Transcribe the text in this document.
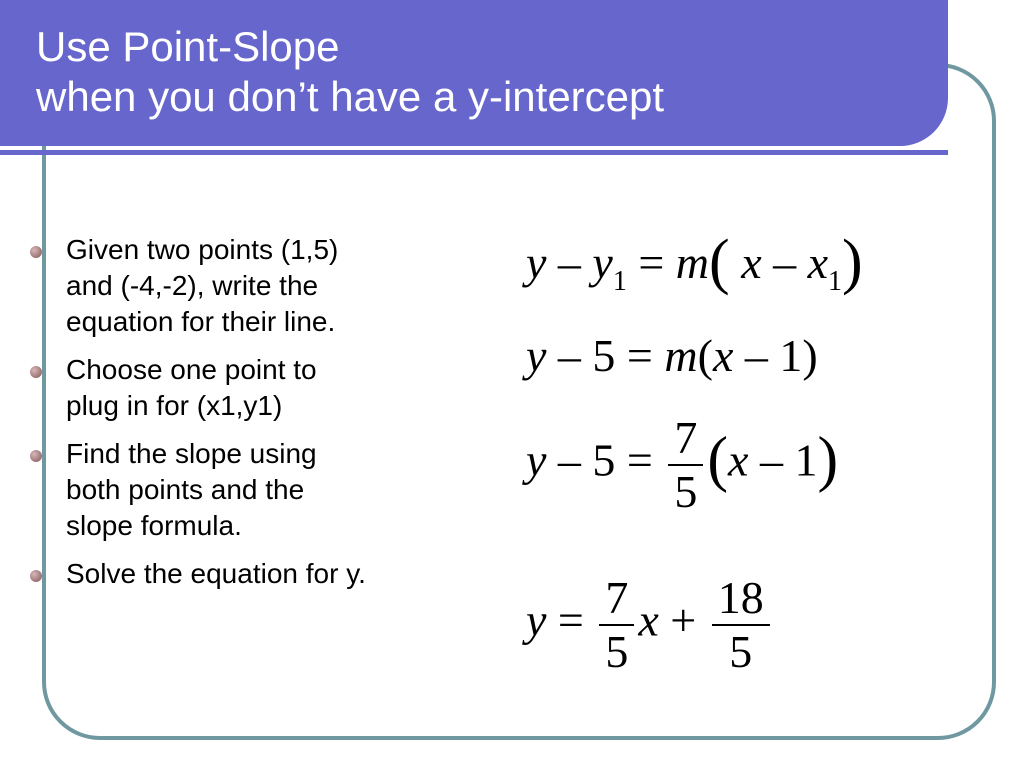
Use Point-Slope
when you don’t have a y-intercept
Given two points (1,5)
and (-4,-2), write the
equation for their line.
Choose one point to
plug in for (x1,y1)
Find the slope using
both points and the
slope formula.
Solve the equation for y.
$y - y_1 = m$( x – $x_1$)
y – 5 = m(x – 1)
$y - 5 = \frac{7}{5} (x - 1)$
$y = \frac{7}{5}$ $x + \frac{18}{5}$
